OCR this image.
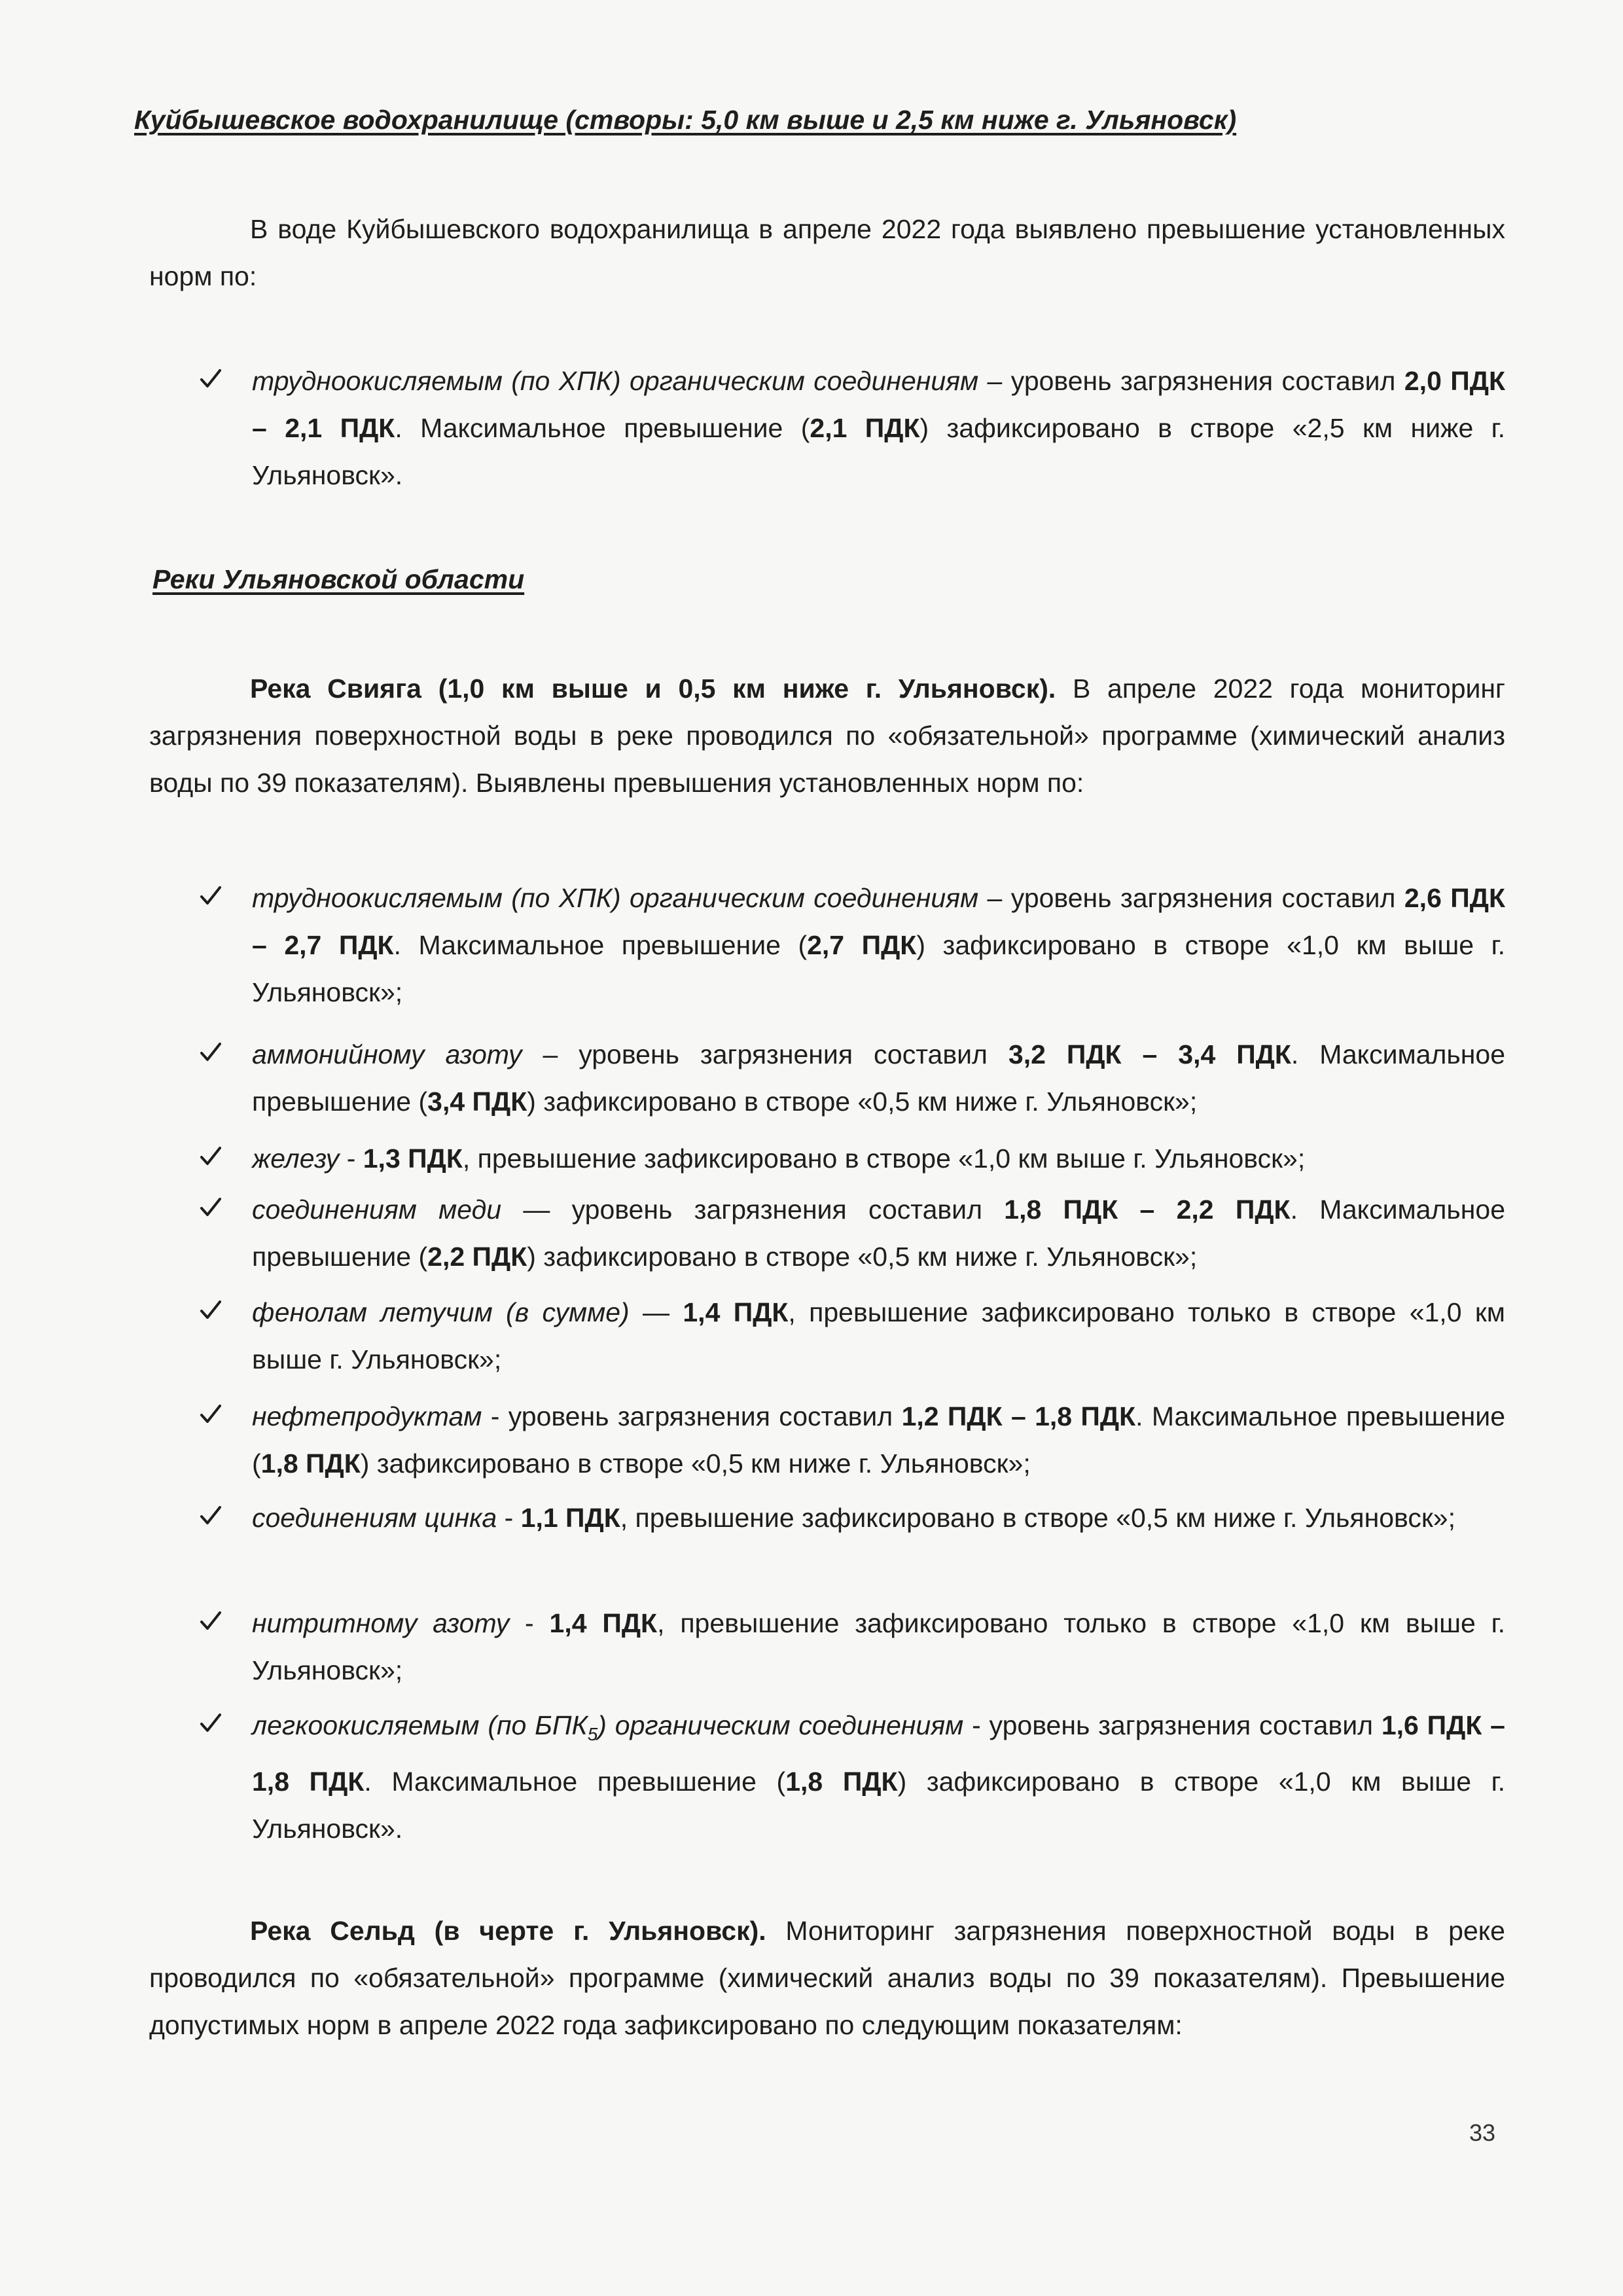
Куйбышевское водохранилище (створы: 5,0 км выше и 2,5 км ниже г. Ульяновск)
В воде Куйбышевского водохранилища в апреле 2022 года выявлено превышение установленных норм по:
трудноокисляемым (по ХПК) органическим соединениям – уровень загрязнения составил 2,0 ПДК – 2,1 ПДК. Максимальное превышение (2,1 ПДК) зафиксировано в створе «2,5 км ниже г. Ульяновск».
Реки Ульяновской области
Река Свияга (1,0 км выше и 0,5 км ниже г. Ульяновск). В апреле 2022 года мониторинг загрязнения поверхностной воды в реке проводился по «обязательной» программе (химический анализ воды по 39 показателям). Выявлены превышения установленных норм по:
трудноокисляемым (по ХПК) органическим соединениям – уровень загрязнения составил 2,6 ПДК – 2,7 ПДК. Максимальное превышение (2,7 ПДК) зафиксировано в створе «1,0 км выше г. Ульяновск»;
аммонийному азоту – уровень загрязнения составил 3,2 ПДК – 3,4 ПДК. Максимальное превышение (3,4 ПДК) зафиксировано в створе «0,5 км ниже г. Ульяновск»;
железу - 1,3 ПДК, превышение зафиксировано в створе «1,0 км выше г. Ульяновск»;
соединениям меди — уровень загрязнения составил 1,8 ПДК – 2,2 ПДК. Максимальное превышение (2,2 ПДК) зафиксировано в створе «0,5 км ниже г. Ульяновск»;
фенолам летучим (в сумме) — 1,4 ПДК, превышение зафиксировано только в створе «1,0 км выше г. Ульяновск»;
нефтепродуктам - уровень загрязнения составил 1,2 ПДК – 1,8 ПДК. Максимальное превышение (1,8 ПДК) зафиксировано в створе «0,5 км ниже г. Ульяновск»;
соединениям цинка - 1,1 ПДК, превышение зафиксировано в створе «0,5 км ниже г. Ульяновск»;
нитритному азоту - 1,4 ПДК, превышение зафиксировано только в створе «1,0 км выше г. Ульяновск»;
легкоокисляемым (по $БПК_5$) органическим соединениям - уровень загрязнения составил 1,6 ПДК – 1,8 ПДК. Максимальное превышение (1,8 ПДК) зафиксировано в створе «1,0 км выше г. Ульяновск».
Река Сельд (в черте г. Ульяновск). Мониторинг загрязнения поверхностной воды в реке проводился по «обязательной» программе (химический анализ воды по 39 показателям). Превышение допустимых норм в апреле 2022 года зафиксировано по следующим показателям:
33
